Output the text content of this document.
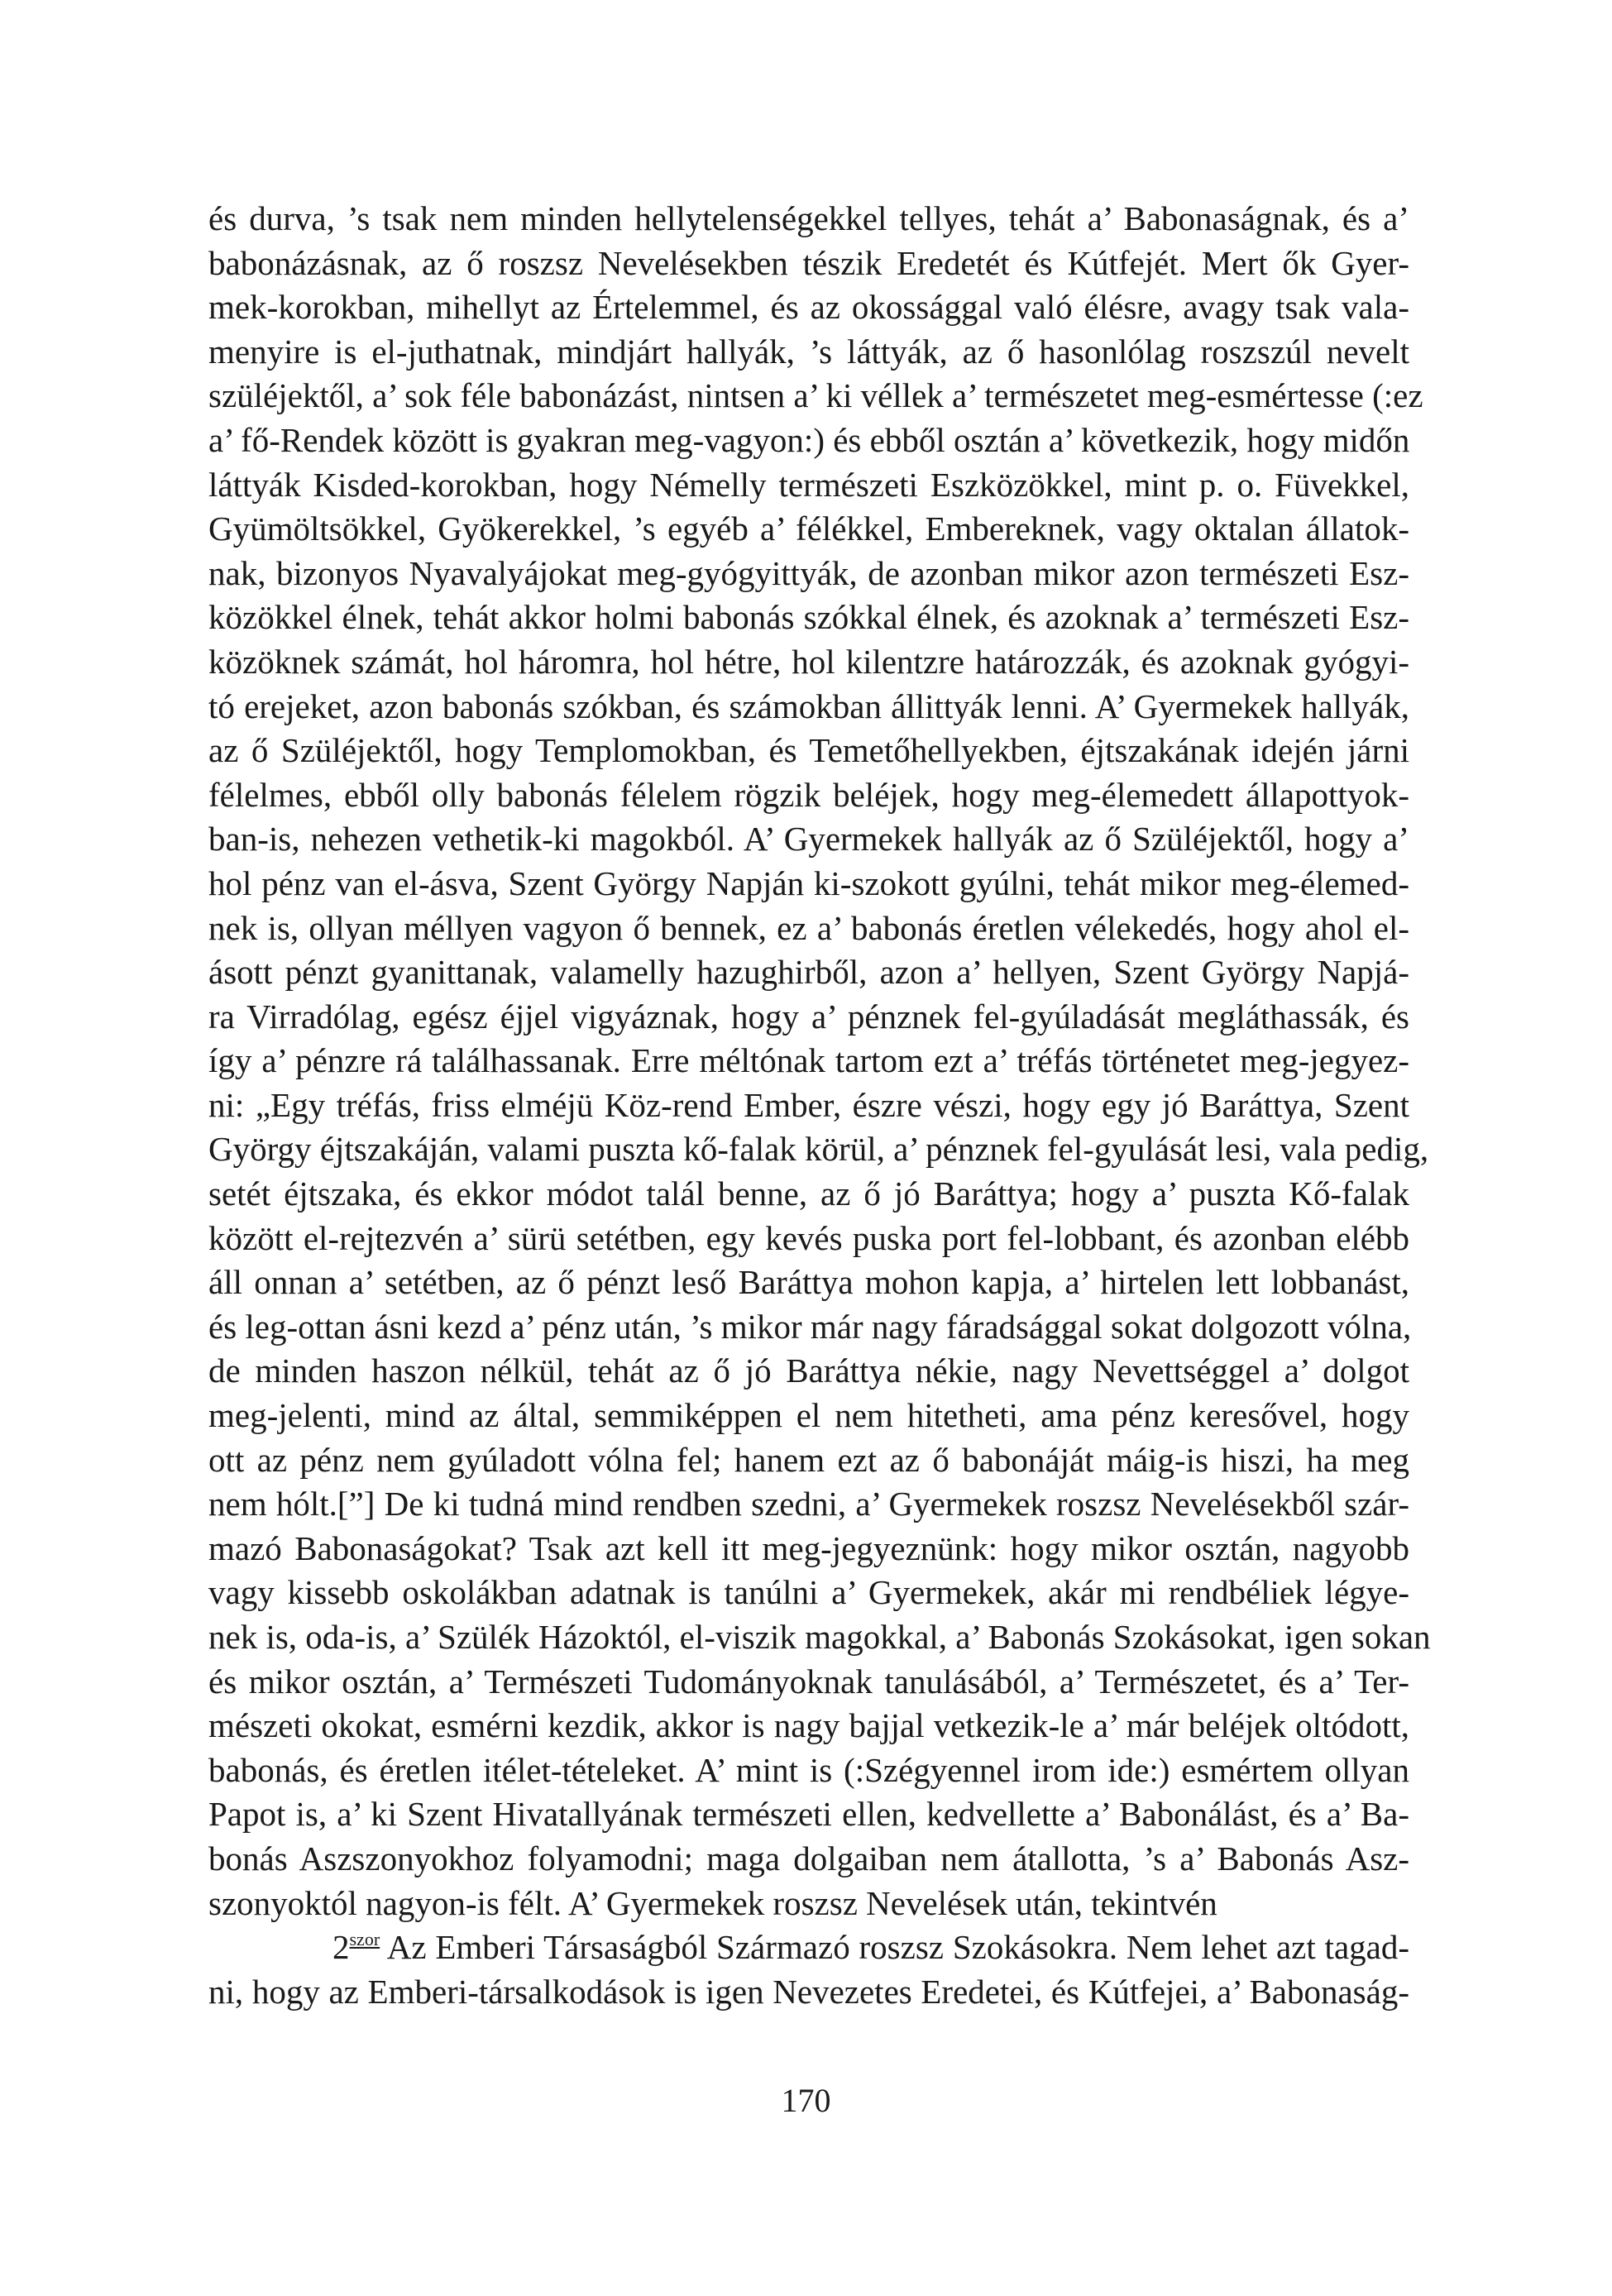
és durva, ’s tsak nem minden hellytelenségekkel tellyes, tehát a’ Babonaságnak, és a’
babonázásnak, az ő roszsz Nevelésekben tészik Eredetét és Kútfejét. Mert ők Gyer-
mek-korokban, mihellyt az Értelemmel, és az okossággal való élésre, avagy tsak vala-
menyire is el-juthatnak, mindjárt hallyák, ’s láttyák, az ő hasonlólag roszszúl nevelt
szüléjektől, a’ sok féle babonázást, nintsen a’ ki véllek a’ természetet meg-esmértesse (:ez
a’ fő-Rendek között is gyakran meg-vagyon:) és ebből osztán a’ következik, hogy midőn
láttyák Kisded-korokban, hogy Némelly természeti Eszközökkel, mint p. o. Füvekkel,
Gyümöltsökkel, Gyökerekkel, ’s egyéb a’ félékkel, Embereknek, vagy oktalan állatok-
nak, bizonyos Nyavalyájokat meg-gyógyittyák, de azonban mikor azon természeti Esz-
közökkel élnek, tehát akkor holmi babonás szókkal élnek, és azoknak a’ természeti Esz-
közöknek számát, hol háromra, hol hétre, hol kilentzre határozzák, és azoknak gyógyi-
tó erejeket, azon babonás szókban, és számokban állittyák lenni. A’ Gyermekek hallyák,
az ő Szüléjektől, hogy Templomokban, és Temetőhellyekben, éjtszakának idején járni
félelmes, ebből olly babonás félelem rögzik beléjek, hogy meg-élemedett állapottyok-
ban-is, nehezen vethetik-ki magokból. A’ Gyermekek hallyák az ő Szüléjektől, hogy a’
hol pénz van el-ásva, Szent György Napján ki-szokott gyúlni, tehát mikor meg-élemed-
nek is, ollyan méllyen vagyon ő bennek, ez a’ babonás éretlen vélekedés, hogy ahol el-
ásott pénzt gyanittanak, valamelly hazughirből, azon a’ hellyen, Szent György Napjá-
ra Virradólag, egész éjjel vigyáznak, hogy a’ pénznek fel-gyúladását megláthassák, és
így a’ pénzre rá találhassanak. Erre méltónak tartom ezt a’ tréfás történetet meg-jegyez-
ni: „Egy tréfás, friss elméjü Köz-rend Ember, észre vészi, hogy egy jó Baráttya, Szent
György éjtszakáján, valami puszta kő-falak körül, a’ pénznek fel-gyulását lesi, vala pedig,
setét éjtszaka, és ekkor módot talál benne, az ő jó Baráttya; hogy a’ puszta Kő-falak
között el-rejtezvén a’ sürü setétben, egy kevés puska port fel-lobbant, és azonban elébb
áll onnan a’ setétben, az ő pénzt leső Baráttya mohon kapja, a’ hirtelen lett lobbanást,
és leg-ottan ásni kezd a’ pénz után, ’s mikor már nagy fáradsággal sokat dolgozott vólna,
de minden haszon nélkül, tehát az ő jó Baráttya nékie, nagy Nevettséggel a’ dolgot
meg-jelenti, mind az által, semmiképpen el nem hitetheti, ama pénz keresővel, hogy
ott az pénz nem gyúladott vólna fel; hanem ezt az ő babonáját máig-is hiszi, ha meg
nem hólt.[”] De ki tudná mind rendben szedni, a’ Gyermekek roszsz Nevelésekből szár-
mazó Babonaságokat? Tsak azt kell itt meg-jegyeznünk: hogy mikor osztán, nagyobb
vagy kissebb oskolákban adatnak is tanúlni a’ Gyermekek, akár mi rendbéliek légye-
nek is, oda-is, a’ Szülék Házoktól, el-viszik magokkal, a’ Babonás Szokásokat, igen sokan
és mikor osztán, a’ Természeti Tudományoknak tanulásából, a’ Természetet, és a’ Ter-
mészeti okokat, esmérni kezdik, akkor is nagy bajjal vetkezik-le a’ már beléjek oltódott,
babonás, és éretlen itélet-tételeket. A’ mint is (:Szégyennel irom ide:) esmértem ollyan
Papot is, a’ ki Szent Hivatallyának természeti ellen, kedvellette a’ Babonálást, és a’ Ba-
bonás Aszszonyokhoz folyamodni; maga dolgaiban nem átallotta, ’s a’ Babonás Asz-
szonyoktól nagyon-is félt. A’ Gyermekek roszsz Nevelések után, tekintvén
$2^{szor}$ Az Emberi Társaságból Származó roszsz Szokásokra. Nem lehet azt tagad-
ni, hogy az Emberi-társalkodások is igen Nevezetes Eredetei, és Kútfejei, a’ Babonaság-
170
